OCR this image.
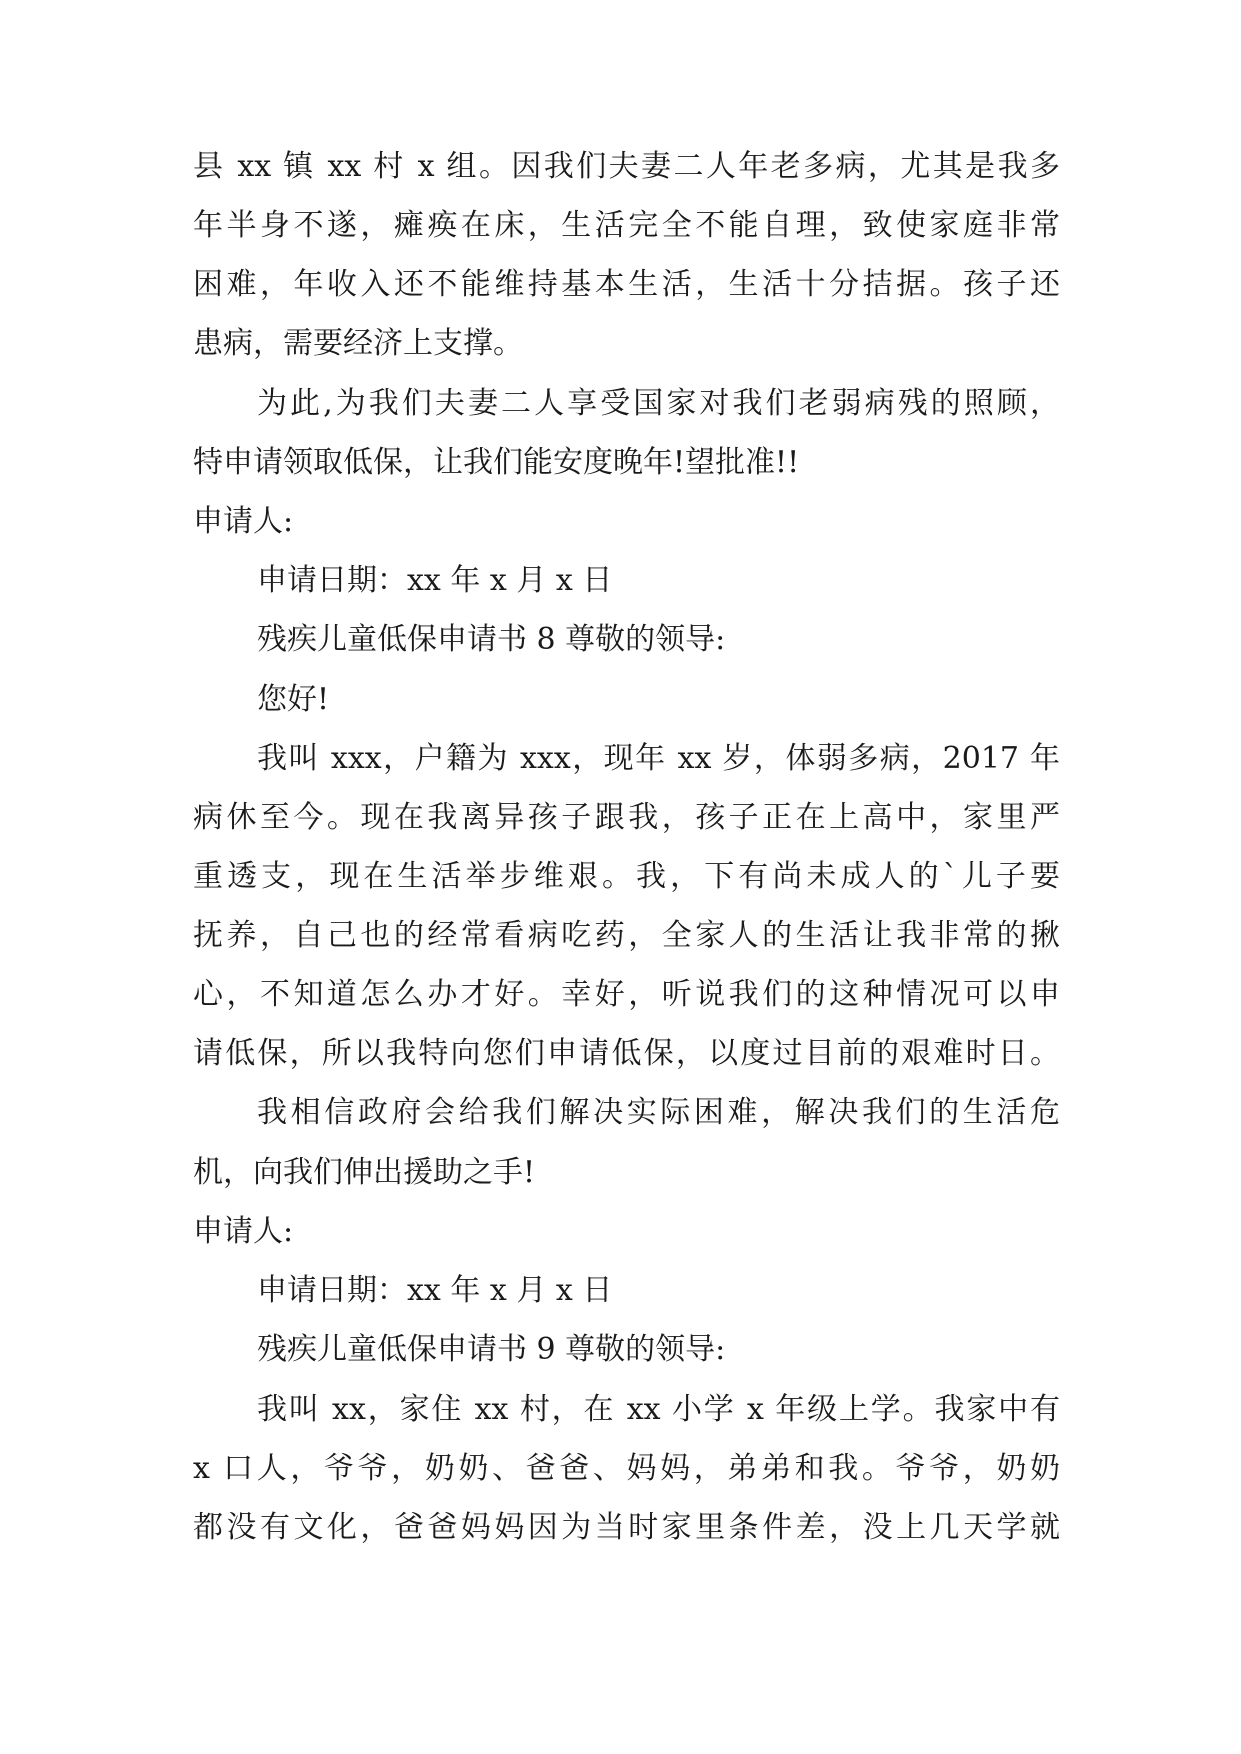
县 xx 镇 xx 村 x 组。因我们夫妻二人年老多病，尤其是我多
年半身不遂，瘫痪在床，生活完全不能自理，致使家庭非常
困难，年收入还不能维持基本生活，生活十分拮据。孩子还
患病，需要经济上支撑。
为此,为我们夫妻二人享受国家对我们老弱病残的照顾，
特申请领取低保，让我们能安度晚年!望批准!!
申请人:
申请日期：xx 年 x 月 x 日
残疾儿童低保申请书 8 尊敬的领导:
您好!
我叫 xxx，户籍为 xxx，现年 xx 岁，体弱多病，2017 年
病休至今。现在我离异孩子跟我，孩子正在上高中，家里严
重透支，现在生活举步维艰。我，下有尚未成人的`儿子要
抚养，自己也的经常看病吃药，全家人的生活让我非常的揪
心，不知道怎么办才好。幸好，听说我们的这种情况可以申
请低保，所以我特向您们申请低保，以度过目前的艰难时日。
我相信政府会给我们解决实际困难，解决我们的生活危
机，向我们伸出援助之手!
申请人:
申请日期：xx 年 x 月 x 日
残疾儿童低保申请书 9 尊敬的领导:
我叫 xx，家住 xx 村，在 xx 小学 x 年级上学。我家中有
x 口人，爷爷，奶奶、爸爸、妈妈，弟弟和我。爷爷，奶奶
都没有文化，爸爸妈妈因为当时家里条件差，没上几天学就
